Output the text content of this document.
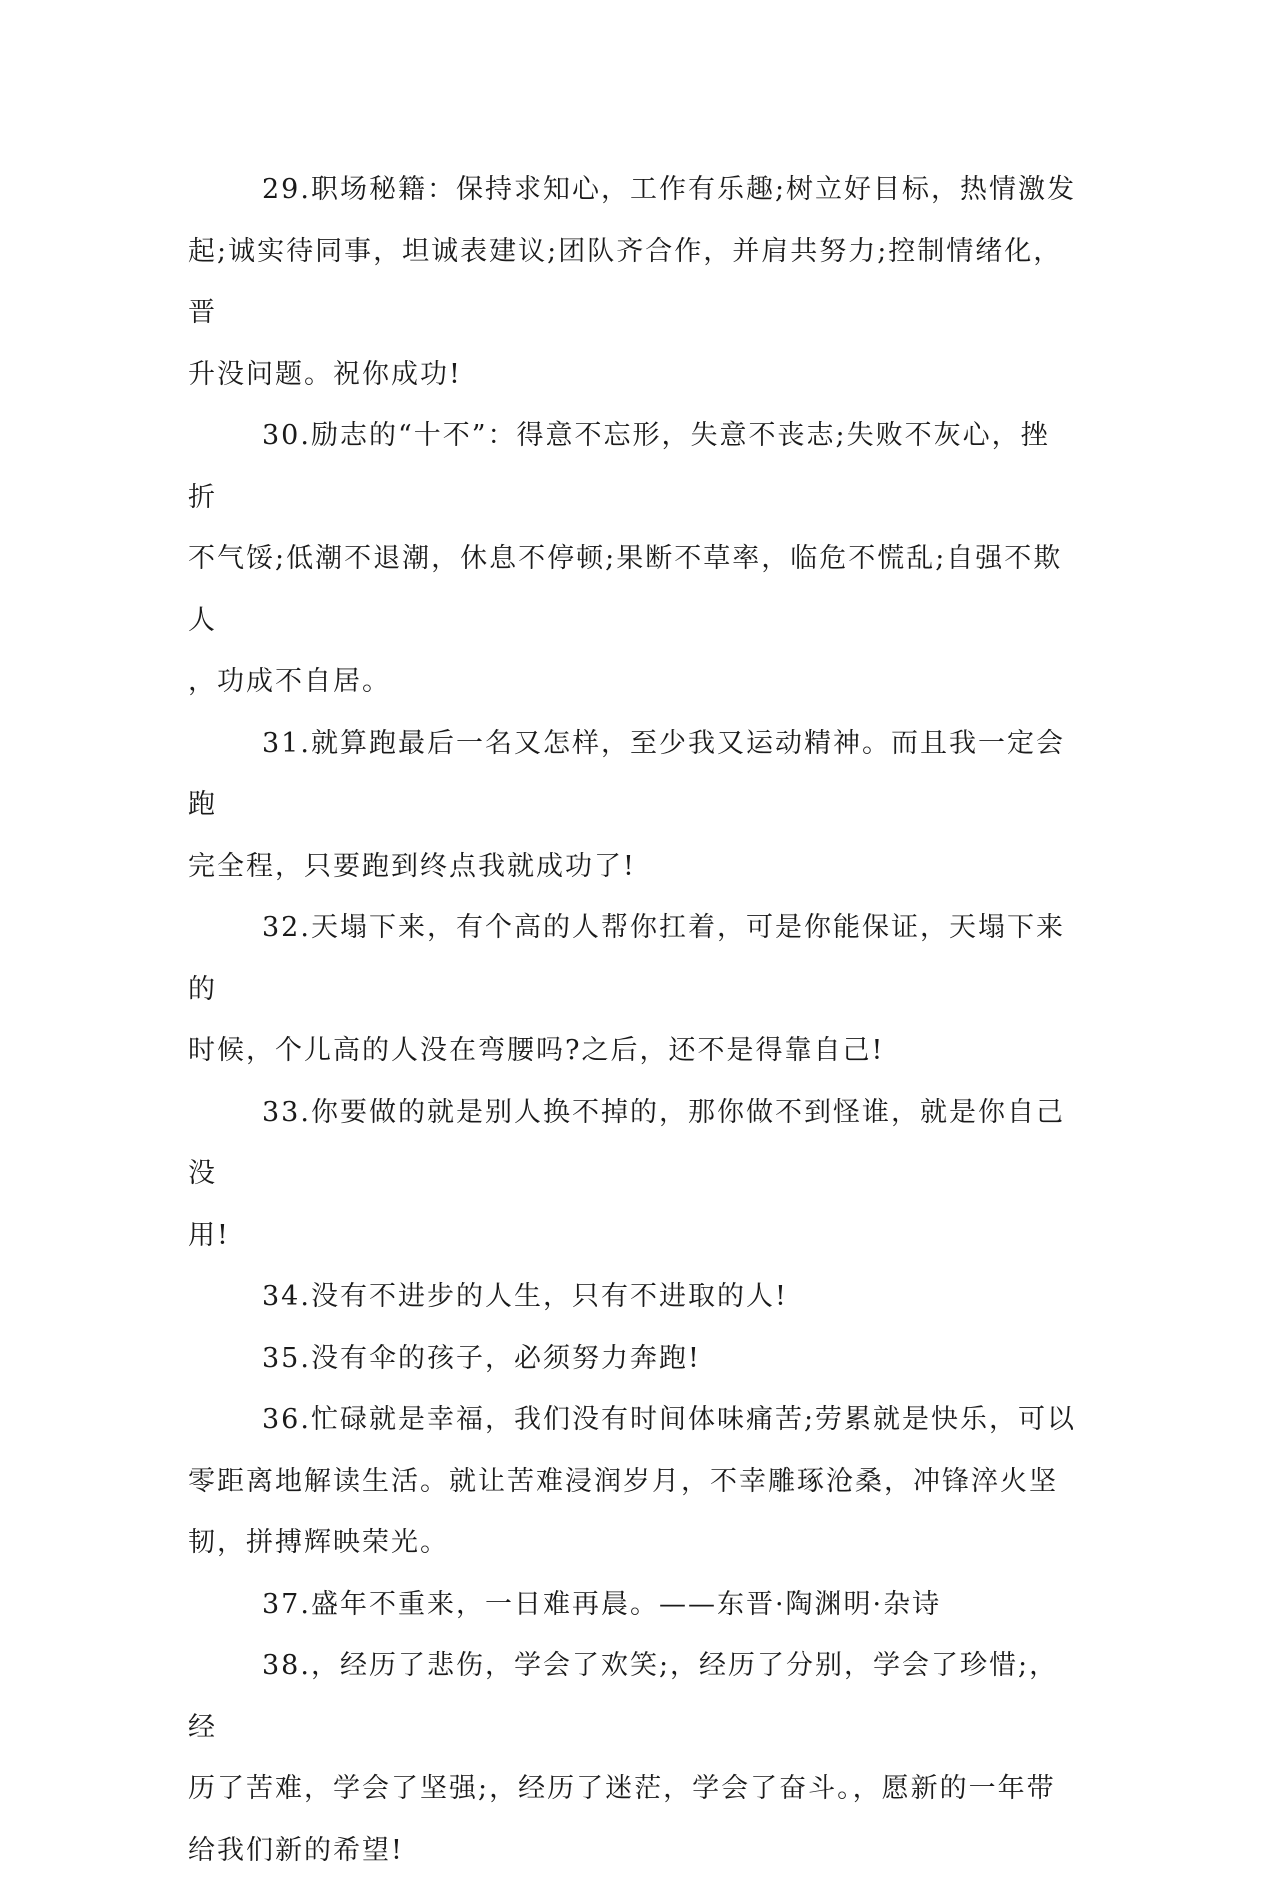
29.职场秘籍：保持求知心，工作有乐趣;树立好目标，热情激发
起;诚实待同事，坦诚表建议;团队齐合作，并肩共努力;控制情绪化，晋
升没问题。祝你成功!

30.励志的“十不”：得意不忘形，失意不丧志;失败不灰心，挫折
不气馁;低潮不退潮，休息不停顿;果断不草率，临危不慌乱;自强不欺人
，功成不自居。

31.就算跑最后一名又怎样，至少我又运动精神。而且我一定会跑
完全程，只要跑到终点我就成功了!

32.天塌下来，有个高的人帮你扛着，可是你能保证，天塌下来的
时候，个儿高的人没在弯腰吗?之后，还不是得靠自己!

33.你要做的就是别人换不掉的，那你做不到怪谁，就是你自己没
用!

34.没有不进步的人生，只有不进取的人!

35.没有伞的孩子，必须努力奔跑!

36.忙碌就是幸福，我们没有时间体味痛苦;劳累就是快乐，可以
零距离地解读生活。就让苦难浸润岁月，不幸雕琢沧桑，冲锋淬火坚
韧，拼搏辉映荣光。

37.盛年不重来，一日难再晨。——东晋·陶渊明·杂诗

38.，经历了悲伤，学会了欢笑;，经历了分别，学会了珍惜;，经
历了苦难，学会了坚强;，经历了迷茫，学会了奋斗。，愿新的一年带
给我们新的希望!
